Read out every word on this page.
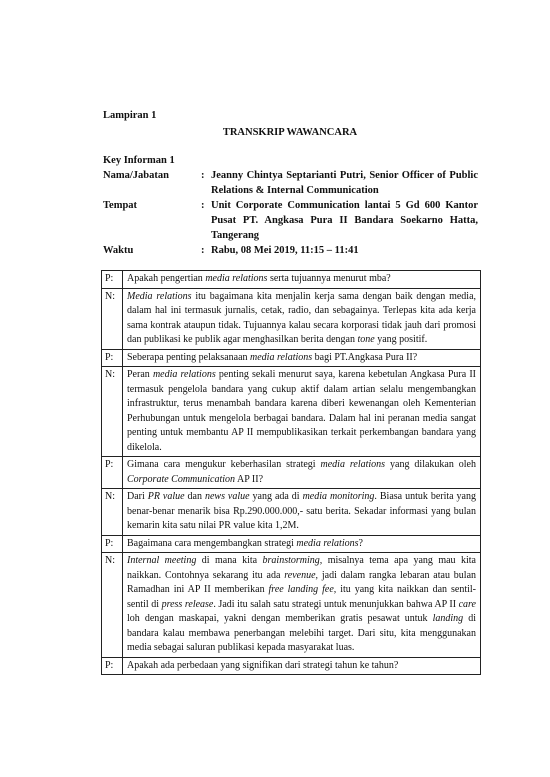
Lampiran 1
TRANSKRIP WAWANCARA
Key Informan 1
Nama/Jabatan	: Jeanny Chintya Septarianti Putri, Senior Officer of Public Relations & Internal Communication
Tempat	: Unit Corporate Communication lantai 5 Gd 600 Kantor Pusat PT. Angkasa Pura II Bandara Soekarno Hatta, Tangerang
Waktu	: Rabu, 08 Mei 2019, 11:15 – 11:41
P:	Apakah pengertian media relations serta tujuannya menurut mba?
N:	Media relations itu bagaimana kita menjalin kerja sama dengan baik dengan media, dalam hal ini termasuk jurnalis, cetak, radio, dan sebagainya. Terlepas kita ada kerja sama kontrak ataupun tidak. Tujuannya kalau secara korporasi tidak jauh dari promosi dan publikasi ke publik agar menghasilkan berita dengan tone yang positif.
P:	Seberapa penting pelaksanaan media relations bagi PT.Angkasa Pura II?
N:	Peran media relations penting sekali menurut saya, karena kebetulan Angkasa Pura II termasuk pengelola bandara yang cukup aktif dalam artian selalu mengembangkan infrastruktur, terus menambah bandara karena diberi kewenangan oleh Kementerian Perhubungan untuk mengelola berbagai bandara. Dalam hal ini peranan media sangat penting untuk membantu AP II mempublikasikan terkait perkembangan bandara yang dikelola.
P:	Gimana cara mengukur keberhasilan strategi media relations yang dilakukan oleh Corporate Communication AP II?
N:	Dari PR value dan news value yang ada di media monitoring. Biasa untuk berita yang benar-benar menarik bisa Rp.290.000.000,- satu berita. Sekadar informasi yang bulan kemarin kita satu nilai PR value kita 1,2M.
P:	Bagaimana cara mengembangkan strategi media relations?
N:	Internal meeting di mana kita brainstorming, misalnya tema apa yang mau kita naikkan. Contohnya sekarang itu ada revenue, jadi dalam rangka lebaran atau bulan Ramadhan ini AP II memberikan free landing fee, itu yang kita naikkan dan sentil-sentil di press release. Jadi itu salah satu strategi untuk menunjukkan bahwa AP II care loh dengan maskapai, yakni dengan memberikan gratis pesawat untuk landing di bandara kalau membawa penerbangan melebihi target. Dari situ, kita menggunakan media sebagai saluran publikasi kepada masyarakat luas.
P:	Apakah ada perbedaan yang signifikan dari strategi tahun ke tahun?
